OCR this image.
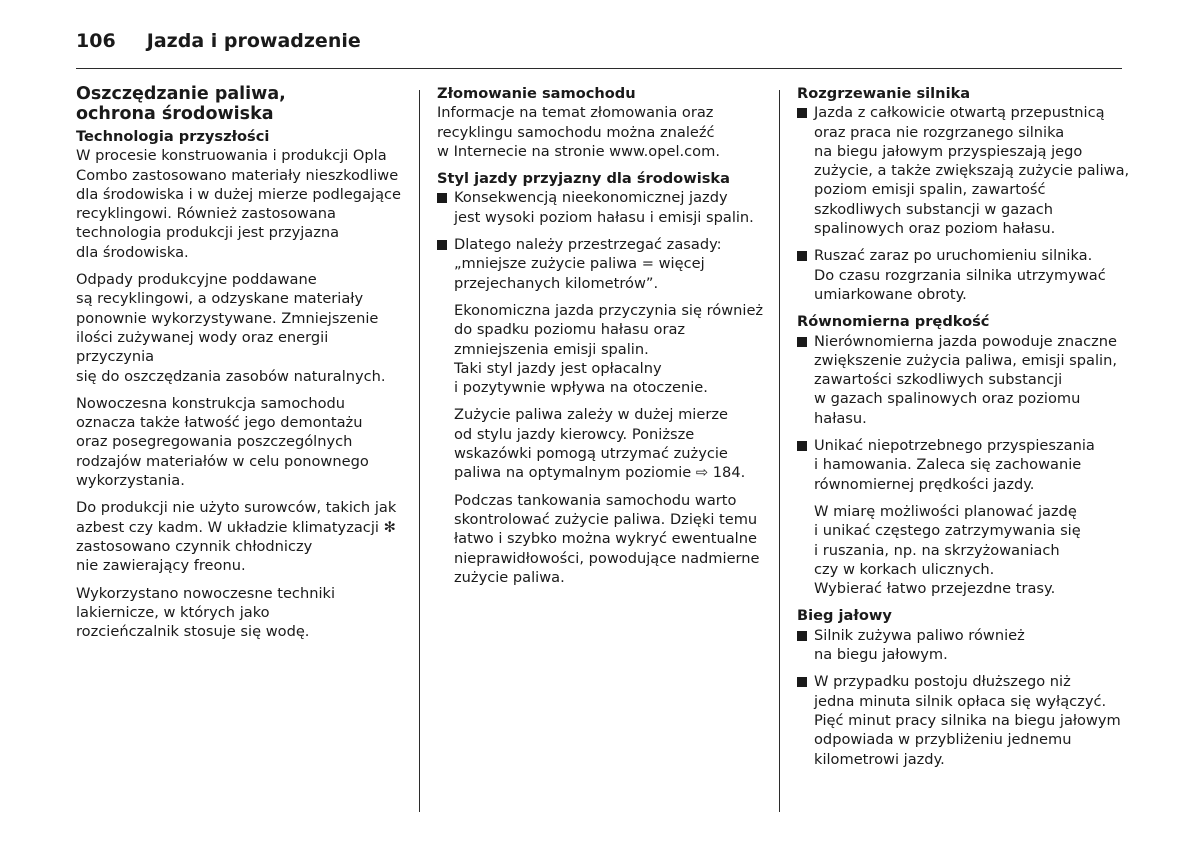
106 Jazda i prowadzenie
Oszczędzanie paliwa,
ochrona środowiska
Technologia przyszłości

W procesie konstruowania i produkcji Opla
Combo zastosowano materiały nieszkodliwe
dla środowiska i w dużej mierze podlegające
recyklingowi. Również zastosowana
technologia produkcji jest przyjazna
dla środowiska.

Odpady produkcyjne poddawane
są recyklingowi, a odzyskane materiały
ponownie wykorzystywane. Zmniejszenie
ilości zużywanej wody oraz energii przyczynia
się do oszczędzania zasobów naturalnych.

Nowoczesna konstrukcja samochodu
oznacza także łatwość jego demontażu
oraz posegregowania poszczególnych
rodzajów materiałów w celu ponownego
wykorzystania.

Do produkcji nie użyto surowców, takich jak
azbest czy kadm. W układzie klimatyzacji ✻
zastosowano czynnik chłodniczy
nie zawierający freonu.

Wykorzystano nowoczesne techniki
lakiernicze, w których jako
rozcieńczalnik stosuje się wodę.

Złomowanie samochodu

Informacje na temat złomowania oraz
recyklingu samochodu można znaleźć
w Internecie na stronie www.opel.com.

Styl jazdy przyjazny dla środowiska
Konsekwencją nieekonomicznej jazdy
jest wysoki poziom hałasu i emisji spalin.
Dlatego należy przestrzegać zasady:
„mniejsze zużycie paliwa = więcej
przejechanych kilometrów”.

Ekonomiczna jazda przyczynia się również
do spadku poziomu hałasu oraz
zmniejszenia emisji spalin.
Taki styl jazdy jest opłacalny
i pozytywnie wpływa na otoczenie.

Zużycie paliwa zależy w dużej mierze
od stylu jazdy kierowcy. Poniższe
wskazówki pomogą utrzymać zużycie
paliwa na optymalnym poziomie ⇨ 184.

Podczas tankowania samochodu warto
skontrolować zużycie paliwa. Dzięki temu
łatwo i szybko można wykryć ewentualne
nieprawidłowości, powodujące nadmierne
zużycie paliwa.

Rozgrzewanie silnika
Jazda z całkowicie otwartą przepustnicą
oraz praca nie rozgrzanego silnika
na biegu jałowym przyspieszają jego
zużycie, a także zwiększają zużycie paliwa,
poziom emisji spalin, zawartość
szkodliwych substancji w gazach
spalinowych oraz poziom hałasu.
Ruszać zaraz po uruchomieniu silnika.
Do czasu rozgrzania silnika utrzymywać
umiarkowane obroty.
Równomierna prędkość
Nierównomierna jazda powoduje znaczne
zwiększenie zużycia paliwa, emisji spalin,
zawartości szkodliwych substancji
w gazach spalinowych oraz poziomu
hałasu.
Unikać niepotrzebnego przyspieszania
i hamowania. Zaleca się zachowanie
równomiernej prędkości jazdy.

W miarę możliwości planować jazdę
i unikać częstego zatrzymywania się
i ruszania, np. na skrzyżowaniach
czy w korkach ulicznych.
Wybierać łatwo przejezdne trasy.

Bieg jałowy
Silnik zużywa paliwo również
na biegu jałowym.
W przypadku postoju dłuższego niż
jedna minuta silnik opłaca się wyłączyć.
Pięć minut pracy silnika na biegu jałowym
odpowiada w przybliżeniu jednemu
kilometrowi jazdy.
